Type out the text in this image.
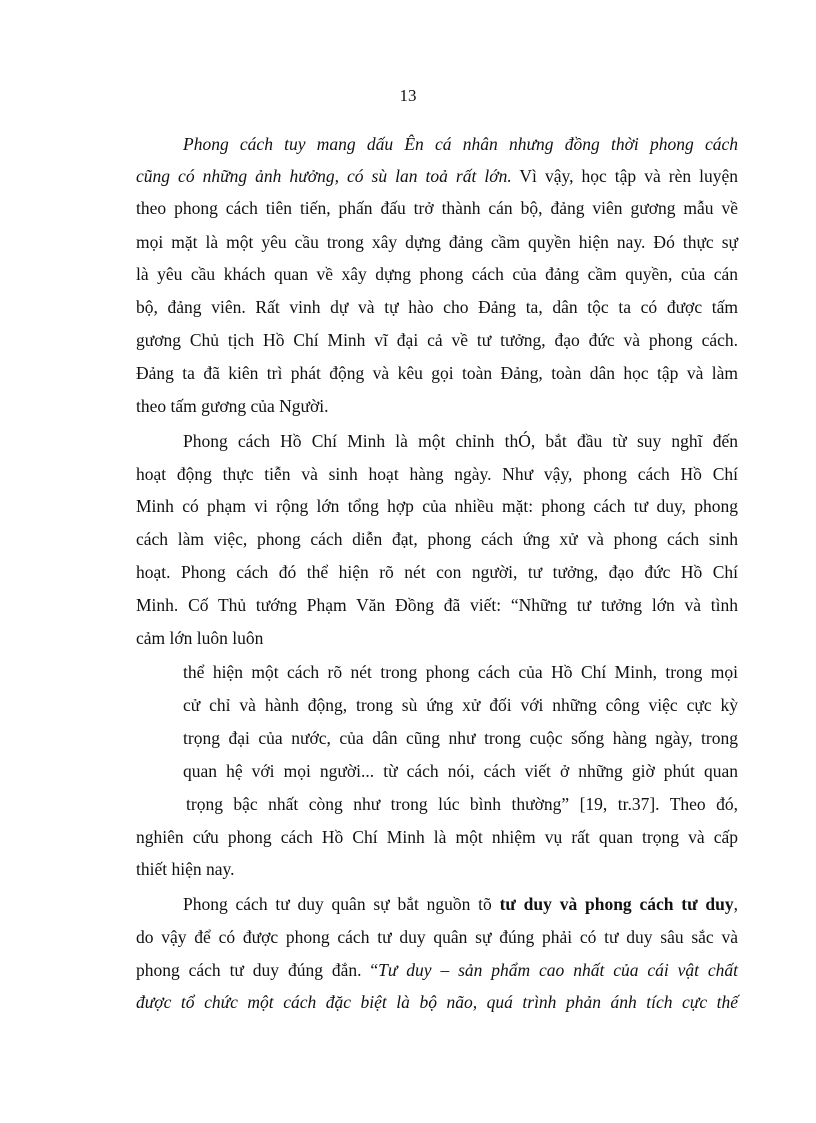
13
Phong cách tuy mang dấu Ên cá nhân nhưng đồng thời phong cách
cũng có những ảnh hưởng, có sù lan toả rất lớn. Vì vậy, học tập và rèn luyện
theo phong cách tiên tiến, phấn đấu trở thành cán bộ, đảng viên gương mẫu về
mọi mặt là một yêu cầu trong xây dựng đảng cầm quyền hiện nay. Đó thực sự
là yêu cầu khách quan về xây dựng phong cách của đảng cầm quyền, của cán
bộ, đảng viên. Rất vinh dự và tự hào cho Đảng ta, dân tộc ta có được tấm
gương Chủ tịch Hồ Chí Minh vĩ đại cả về tư tưởng, đạo đức và phong cách.
Đảng ta đã kiên trì phát động và kêu gọi toàn Đảng, toàn dân học tập và làm
theo tấm gương của Người.
Phong cách Hồ Chí Minh là một chỉnh thÓ, bắt đầu từ suy nghĩ đến
hoạt động thực tiễn và sinh hoạt hàng ngày. Như vậy, phong cách Hồ Chí
Minh có phạm vi rộng lớn tổng hợp của nhiều mặt: phong cách tư duy, phong
cách làm việc, phong cách diễn đạt, phong cách ứng xử và phong cách sinh
hoạt. Phong cách đó thể hiện rõ nét con người, tư tưởng, đạo đức Hồ Chí
Minh. Cố Thủ tướng Phạm Văn Đồng đã viết: “Những tư tưởng lớn và tình
cảm lớn luôn luôn
thể hiện một cách rõ nét trong phong cách của Hồ Chí Minh, trong mọi
cử chỉ và hành động, trong sù ứng xử đối với những công việc cực kỳ
trọng đại của nước, của dân cũng như trong cuộc sống hàng ngày, trong
quan hệ với mọi người... từ cách nói, cách viết ở những giờ phút quan
trọng bậc nhất còng như trong lúc bình thường” [19, tr.37]. Theo đó,
nghiên cứu phong cách Hồ Chí Minh là một nhiệm vụ rất quan trọng và cấp
thiết hiện nay.
Phong cách tư duy quân sự bắt nguồn tõ tư duy và phong cách tư duy,
do vậy để có được phong cách tư duy quân sự đúng phải có tư duy sâu sắc và
phong cách tư duy đúng đắn. “Tư duy – sản phẩm cao nhất của cái vật chất
được tổ chức một cách đặc biệt là bộ não, quá trình phản ánh tích cực thế
